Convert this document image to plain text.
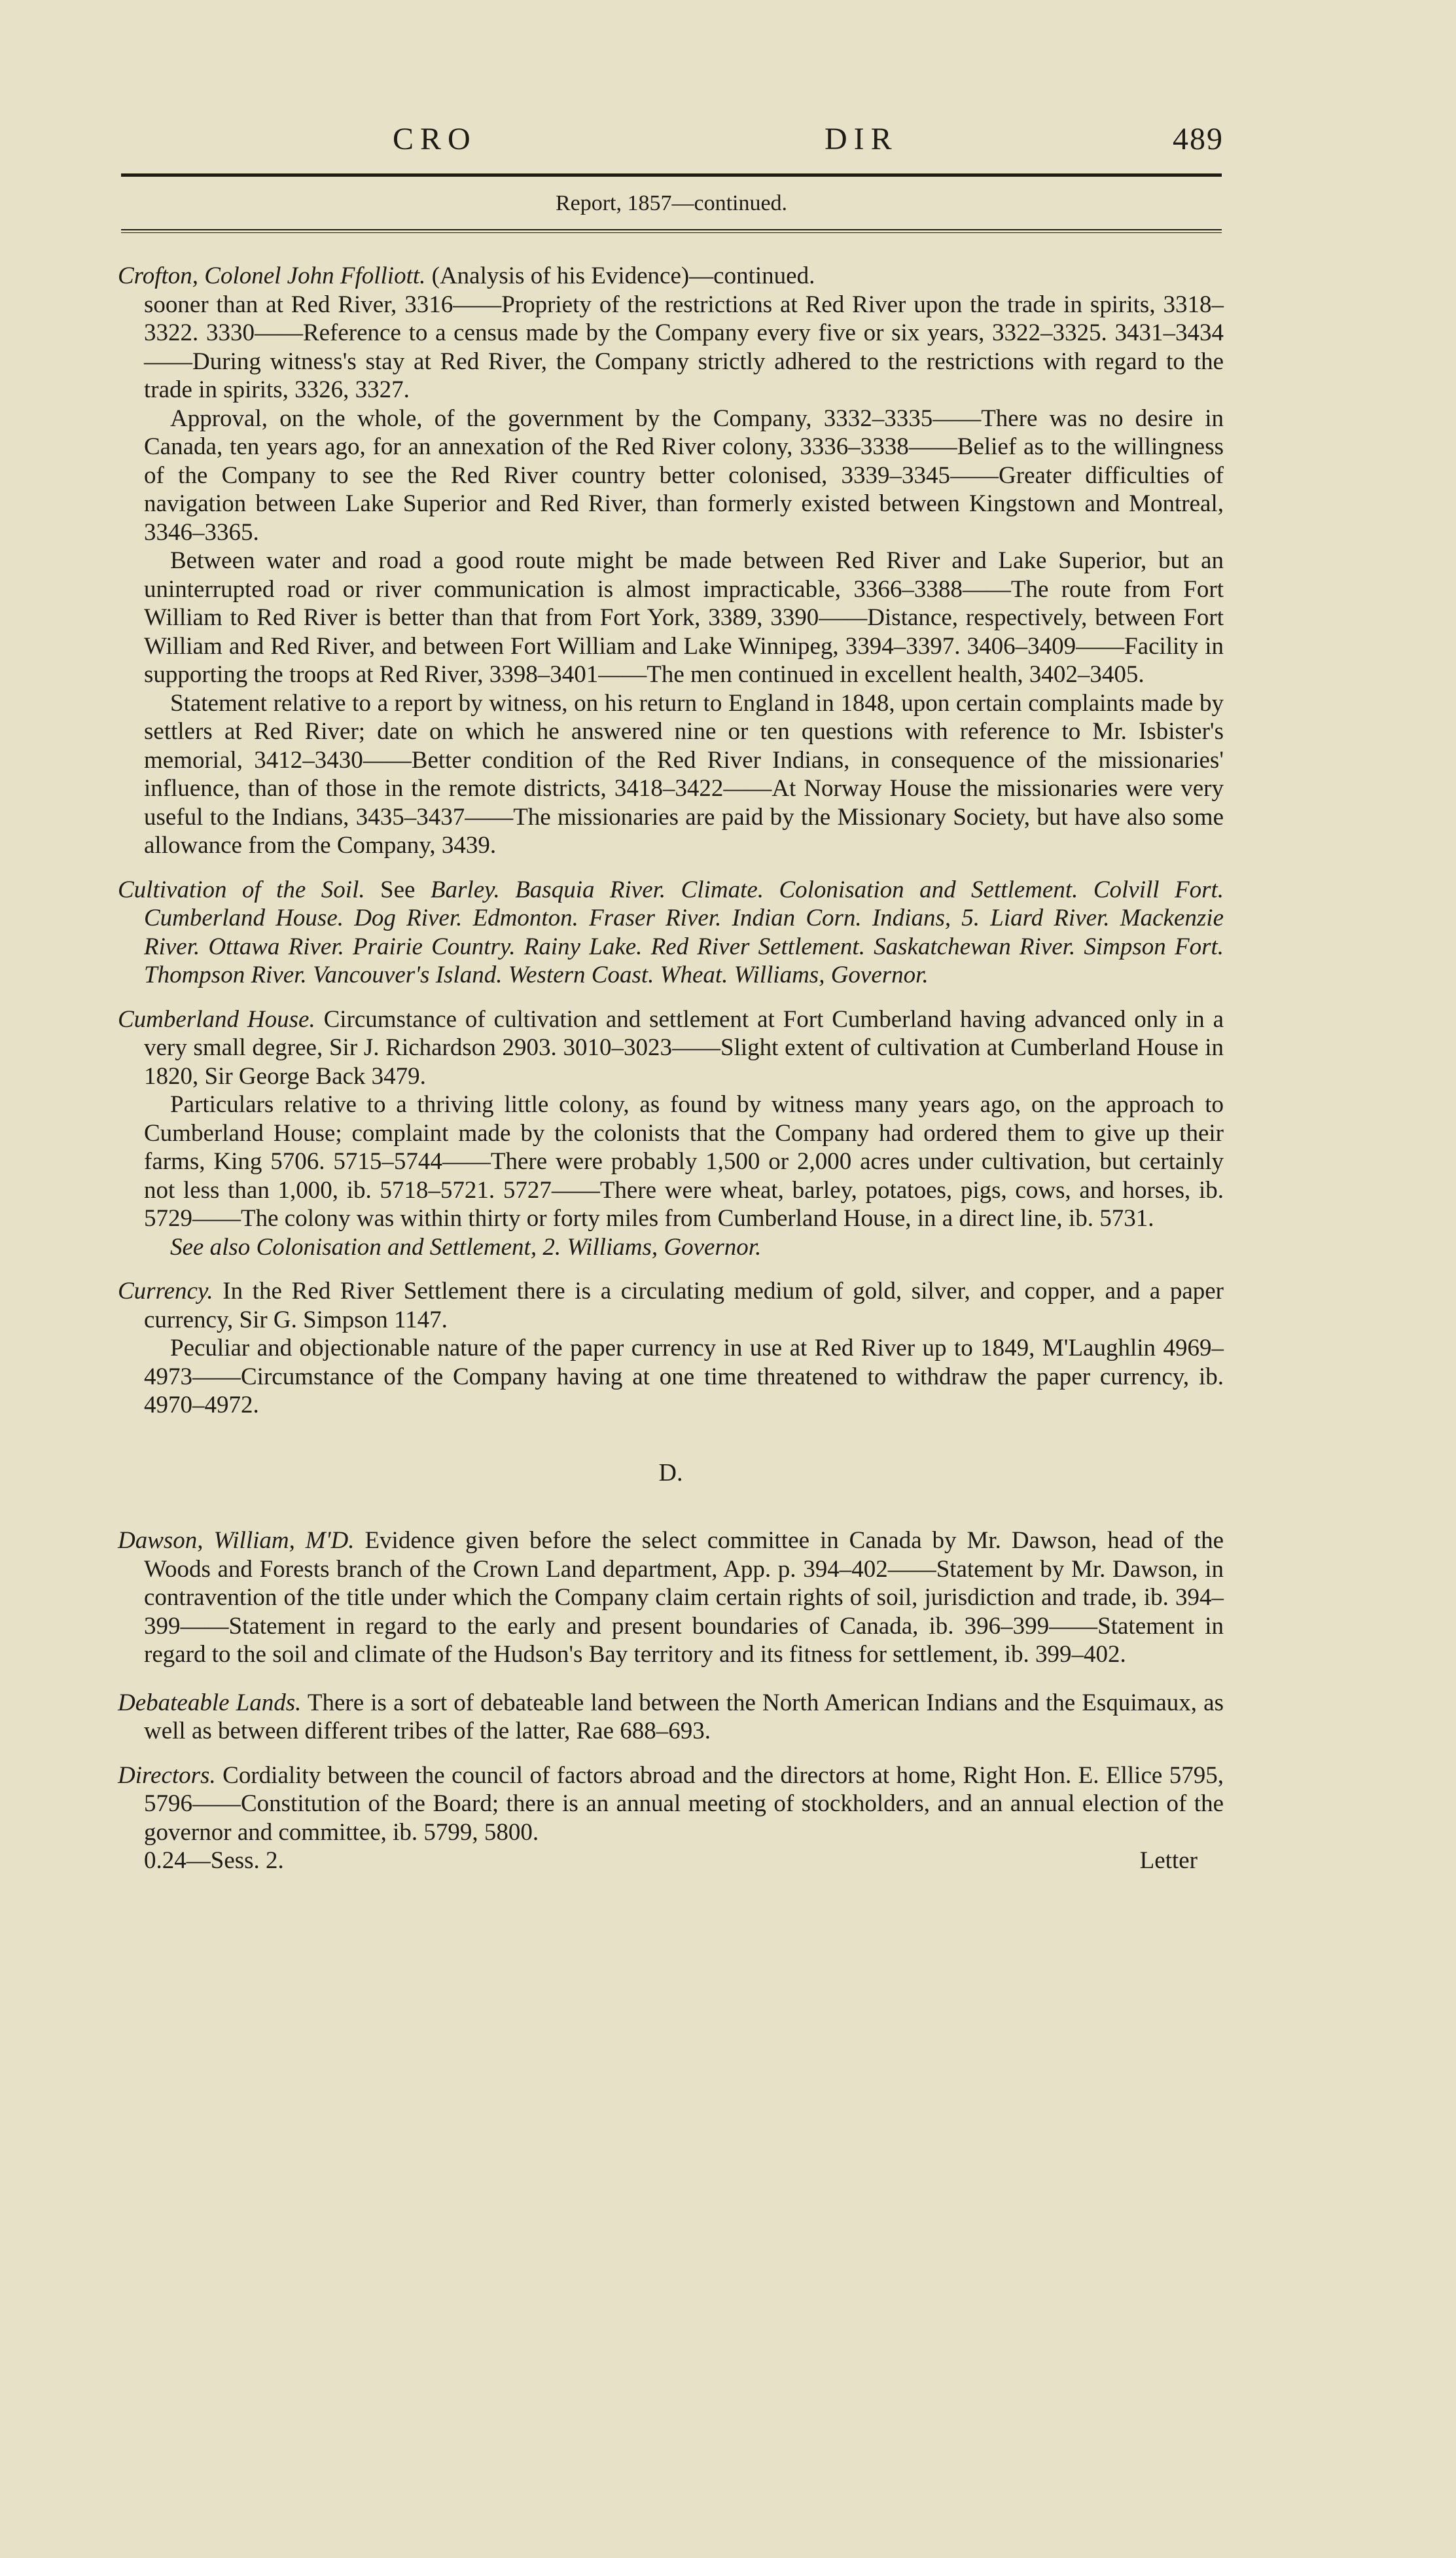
CRO	DIR	489
Report, 1857—continued.

Crofton, Colonel John Ffolliott. (Analysis of his Evidence)—continued.

sooner than at Red River, 3316——Propriety of the restrictions at Red River upon the trade in spirits, 3318–3322. 3330——Reference to a census made by the Company every five or six years, 3322–3325. 3431–3434——During witness's stay at Red River, the Company strictly adhered to the restrictions with regard to the trade in spirits, 3326, 3327.

Approval, on the whole, of the government by the Company, 3332–3335——There was no desire in Canada, ten years ago, for an annexation of the Red River colony, 3336–3338——Belief as to the willingness of the Company to see the Red River country better colonised, 3339–3345——Greater difficulties of navigation between Lake Superior and Red River, than formerly existed between Kingstown and Montreal, 3346–3365.

Between water and road a good route might be made between Red River and Lake Superior, but an uninterrupted road or river communication is almost impracticable, 3366–3388——The route from Fort William to Red River is better than that from Fort York, 3389, 3390——Distance, respectively, between Fort William and Red River, and between Fort William and Lake Winnipeg, 3394–3397. 3406–3409——Facility in supporting the troops at Red River, 3398–3401——The men continued in excellent health, 3402–3405.

Statement relative to a report by witness, on his return to England in 1848, upon certain complaints made by settlers at Red River; date on which he answered nine or ten questions with reference to Mr. Isbister's memorial, 3412–3430——Better condition of the Red River Indians, in consequence of the missionaries' influence, than of those in the remote districts, 3418–3422——At Norway House the missionaries were very useful to the Indians, 3435–3437——The missionaries are paid by the Missionary Society, but have also some allowance from the Company, 3439.

Cultivation of the Soil. See Barley. Basquia River. Climate. Colonisation and Settlement. Colvill Fort. Cumberland House. Dog River. Edmonton. Fraser River. Indian Corn. Indians, 5. Liard River. Mackenzie River. Ottawa River. Prairie Country. Rainy Lake. Red River Settlement. Saskatchewan River. Simpson Fort. Thompson River. Vancouver's Island. Western Coast. Wheat. Williams, Governor.

Cumberland House. Circumstance of cultivation and settlement at Fort Cumberland having advanced only in a very small degree, Sir J. Richardson 2903. 3010–3023——Slight extent of cultivation at Cumberland House in 1820, Sir George Back 3479.

Particulars relative to a thriving little colony, as found by witness many years ago, on the approach to Cumberland House; complaint made by the colonists that the Company had ordered them to give up their farms, King 5706. 5715–5744——There were probably 1,500 or 2,000 acres under cultivation, but certainly not less than 1,000, ib. 5718–5721. 5727——There were wheat, barley, potatoes, pigs, cows, and horses, ib. 5729——The colony was within thirty or forty miles from Cumberland House, in a direct line, ib. 5731.

See also Colonisation and Settlement, 2. Williams, Governor.

Currency. In the Red River Settlement there is a circulating medium of gold, silver, and copper, and a paper currency, Sir G. Simpson 1147.

Peculiar and objectionable nature of the paper currency in use at Red River up to 1849, M'Laughlin 4969–4973——Circumstance of the Company having at one time threatened to withdraw the paper currency, ib. 4970–4972.

D.

Dawson, William, M'D. Evidence given before the select committee in Canada by Mr. Dawson, head of the Woods and Forests branch of the Crown Land department, App. p. 394–402——Statement by Mr. Dawson, in contravention of the title under which the Company claim certain rights of soil, jurisdiction and trade, ib. 394–399——Statement in regard to the early and present boundaries of Canada, ib. 396–399——Statement in regard to the soil and climate of the Hudson's Bay territory and its fitness for settlement, ib. 399–402.

Debateable Lands. There is a sort of debateable land between the North American Indians and the Esquimaux, as well as between different tribes of the latter, Rae 688–693.

Directors. Cordiality between the council of factors abroad and the directors at home, Right Hon. E. Ellice 5795, 5796——Constitution of the Board; there is an annual meeting of stockholders, and an annual election of the governor and committee, ib. 5799, 5800.

0.24—Sess. 2.	Letter
